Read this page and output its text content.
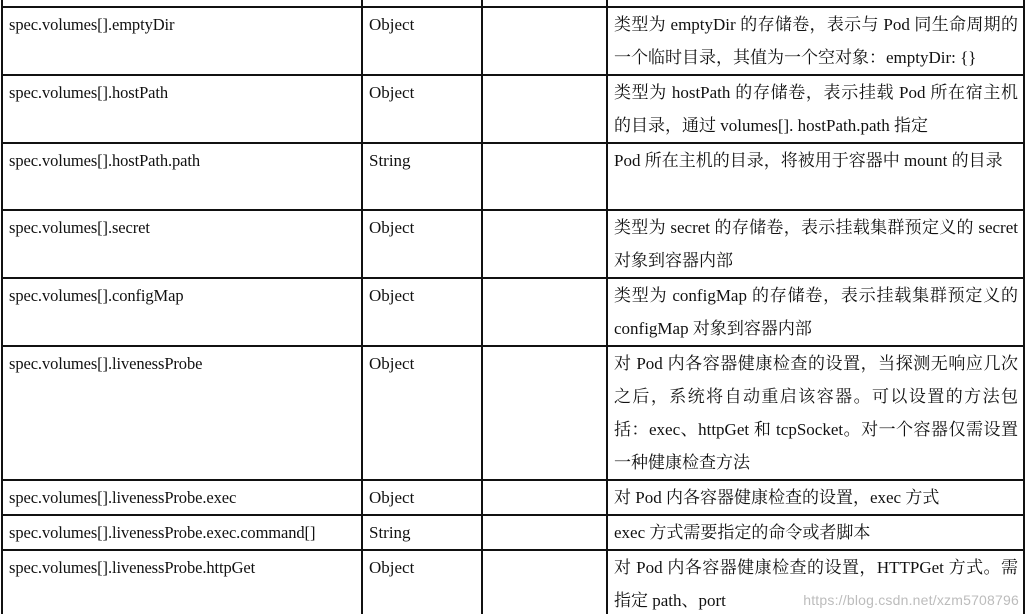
spec.volumes[].emptyDir	Object		类型为 emptyDir 的存储卷，表示与 Pod 同生命周期的一个临时目录，其值为一个空对象：emptyDir: {}
spec.volumes[].hostPath	Object		类型为 hostPath 的存储卷，表示挂载 Pod 所在宿主机的目录，通过 volumes[]. hostPath.path 指定
spec.volumes[].hostPath.path	String		Pod 所在主机的目录，将被用于容器中 mount 的目录
spec.volumes[].secret	Object		类型为 secret 的存储卷，表示挂载集群预定义的 secret 对象到容器内部
spec.volumes[].configMap	Object		类型为 configMap 的存储卷，表示挂载集群预定义的 configMap 对象到容器内部
spec.volumes[].livenessProbe	Object		对 Pod 内各容器健康检查的设置，当探测无响应几次之后，系统将自动重启该容器。可以设置的方法包括：exec、httpGet 和 tcpSocket。对一个容器仅需设置一种健康检查方法
spec.volumes[].livenessProbe.exec	Object		对 Pod 内各容器健康检查的设置，exec 方式
spec.volumes[].livenessProbe.exec.command[]	String		exec 方式需要指定的命令或者脚本
spec.volumes[].livenessProbe.httpGet	Object		对 Pod 内各容器健康检查的设置，HTTPGet 方式。需指定 path、port	https://blog.csdn.net/xzm5708796
